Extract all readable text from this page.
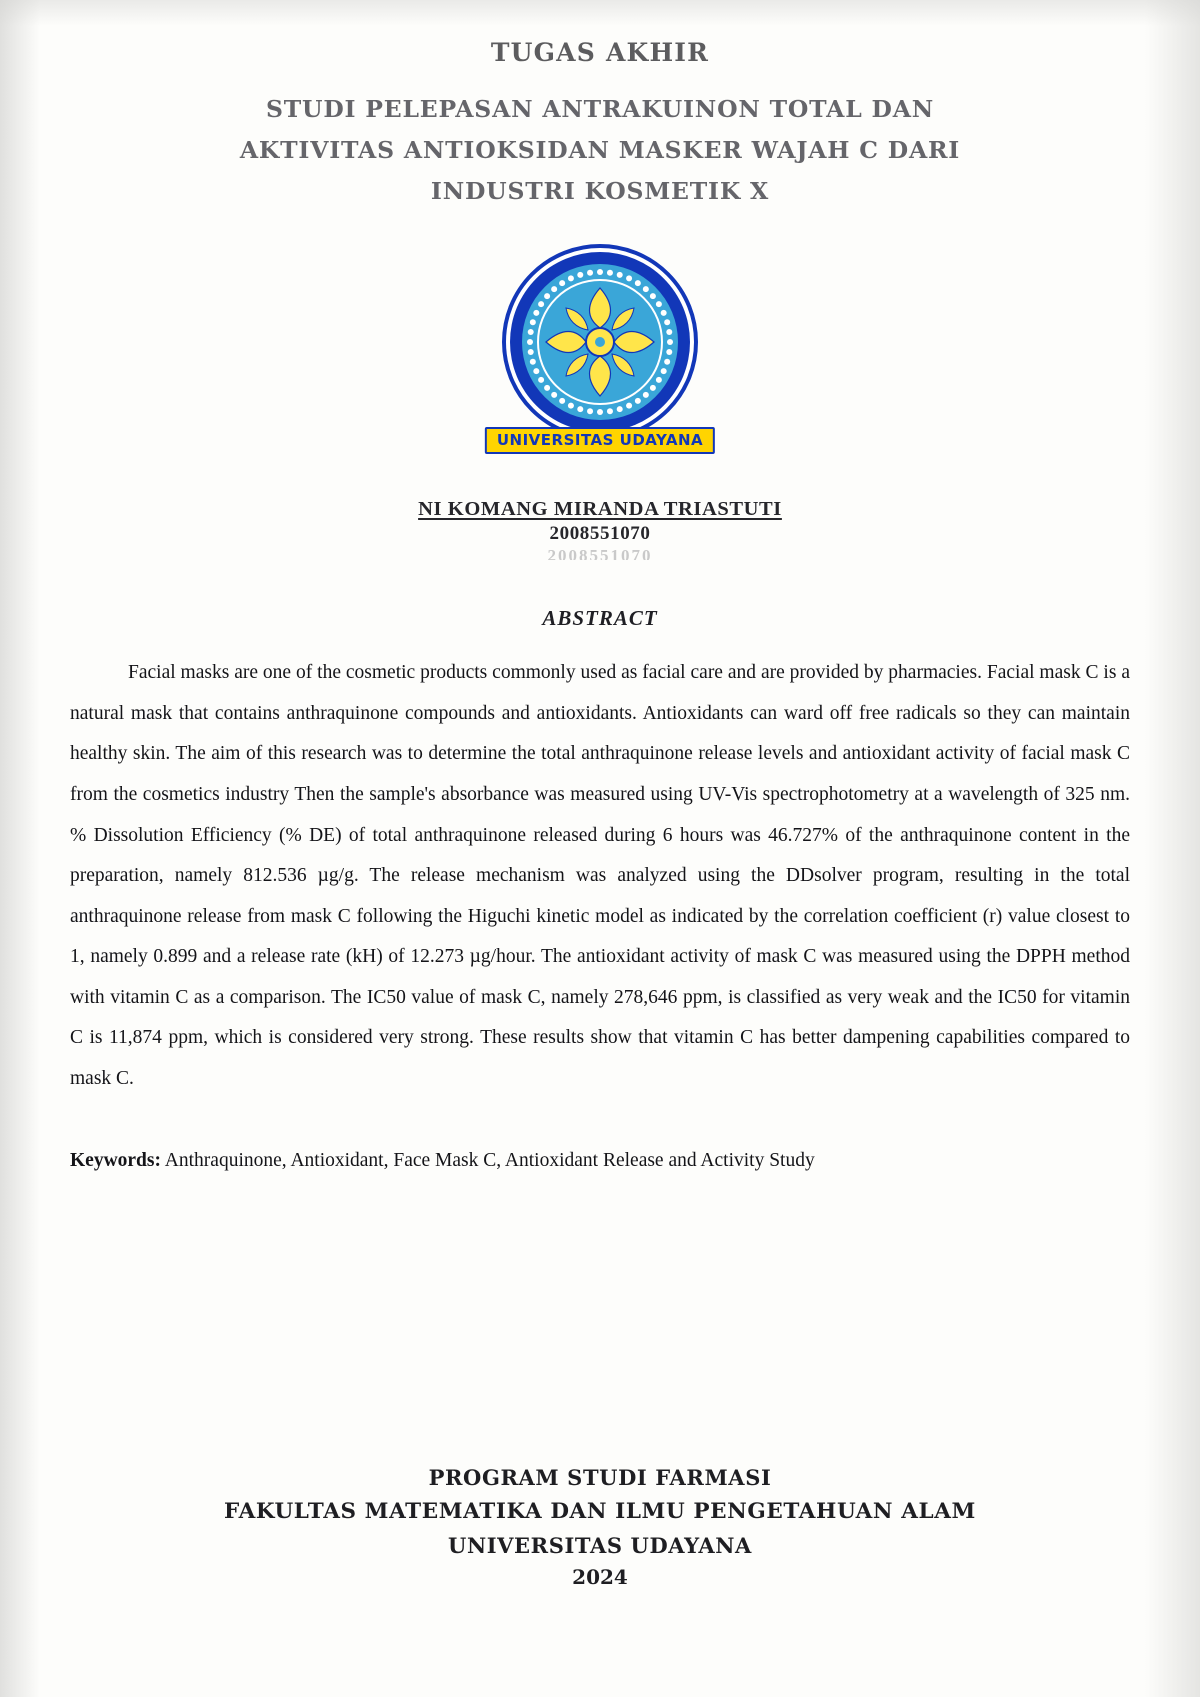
TUGAS AKHIR
STUDI PELEPASAN ANTRAKUINON TOTAL DAN
AKTIVITAS ANTIOKSIDAN MASKER WAJAH C DARI
INDUSTRI KOSMETIK X
UNIVERSITAS UDAYANA
NI KOMANG MIRANDA TRIASTUTI
2008551070
2008551070
ABSTRACT
Facial masks are one of the cosmetic products commonly used as facial care and are provided by pharmacies. Facial mask C is a natural mask that contains anthraquinone compounds and antioxidants. Antioxidants can ward off free radicals so they can maintain healthy skin. The aim of this research was to determine the total anthraquinone release levels and antioxidant activity of facial mask C from the cosmetics industry Then the sample's absorbance was measured using UV-Vis spectrophotometry at a wavelength of 325 nm. % Dissolution Efficiency (% DE) of total anthraquinone released during 6 hours was 46.727% of the anthraquinone content in the preparation, namely 812.536 µg/g. The release mechanism was analyzed using the DDsolver program, resulting in the total anthraquinone release from mask C following the Higuchi kinetic model as indicated by the correlation coefficient (r) value closest to 1, namely 0.899 and a release rate (kH) of 12.273 µg/hour. The antioxidant activity of mask C was measured using the DPPH method with vitamin C as a comparison. The IC50 value of mask C, namely 278,646 ppm, is classified as very weak and the IC50 for vitamin C is 11,874 ppm, which is considered very strong. These results show that vitamin C has better dampening capabilities compared to mask C.
Keywords: Anthraquinone, Antioxidant, Face Mask C, Antioxidant Release and Activity Study
PROGRAM STUDI FARMASI
FAKULTAS MATEMATIKA DAN ILMU PENGETAHUAN ALAM
UNIVERSITAS UDAYANA
2024
